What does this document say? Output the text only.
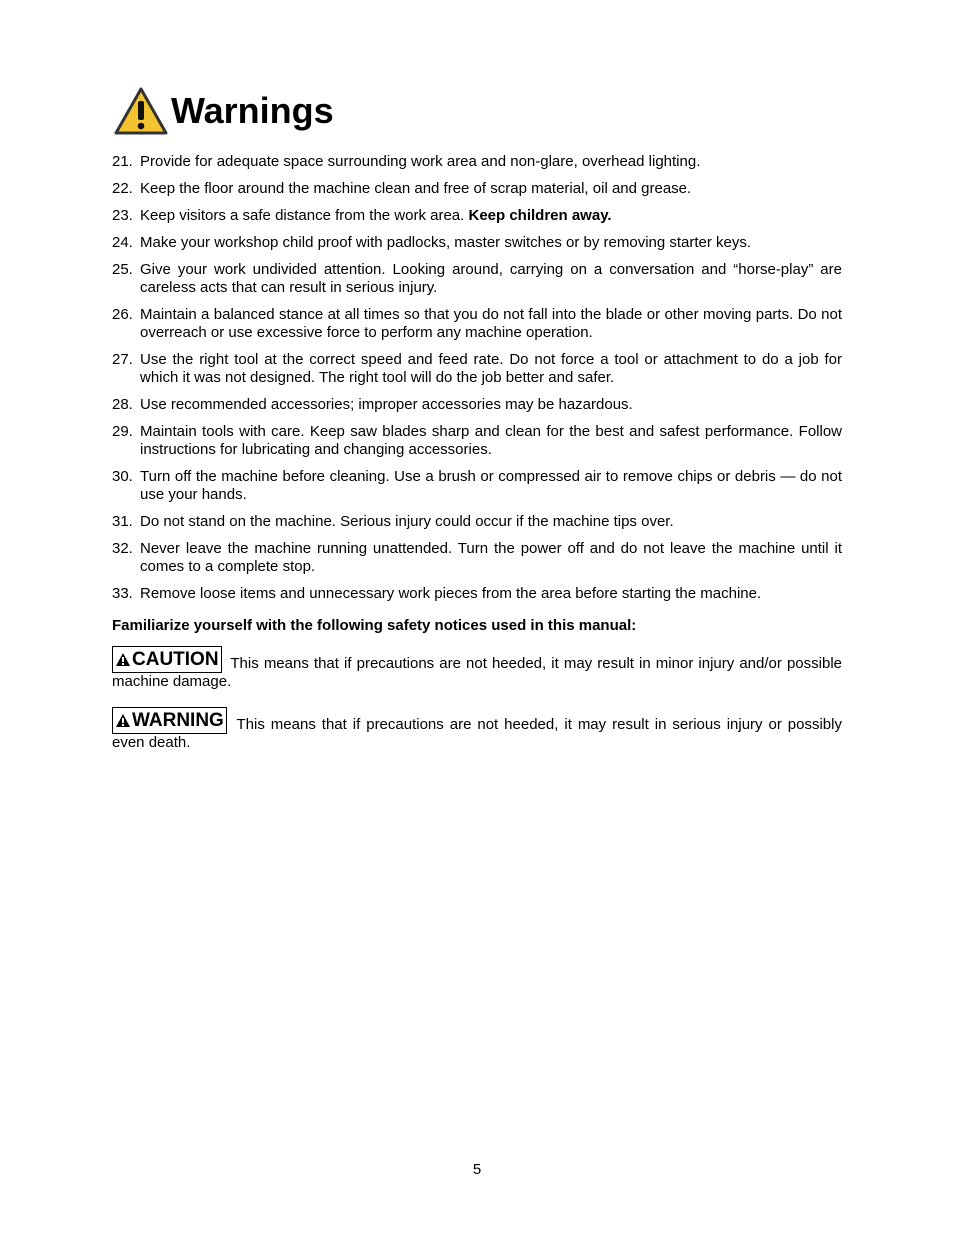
Warnings
21. Provide for adequate space surrounding work area and non-glare, overhead lighting.
22. Keep the floor around the machine clean and free of scrap material, oil and grease.
23. Keep visitors a safe distance from the work area. Keep children away.
24. Make your workshop child proof with padlocks, master switches or by removing starter keys.
25. Give your work undivided attention. Looking around, carrying on a conversation and “horse-play” are careless acts that can result in serious injury.
26. Maintain a balanced stance at all times so that you do not fall into the blade or other moving parts. Do not overreach or use excessive force to perform any machine operation.
27. Use the right tool at the correct speed and feed rate. Do not force a tool or attachment to do a job for which it was not designed. The right tool will do the job better and safer.
28. Use recommended accessories; improper accessories may be hazardous.
29. Maintain tools with care. Keep saw blades sharp and clean for the best and safest performance. Follow instructions for lubricating and changing accessories.
30. Turn off the machine before cleaning. Use a brush or compressed air to remove chips or debris — do not use your hands.
31. Do not stand on the machine. Serious injury could occur if the machine tips over.
32. Never leave the machine running unattended. Turn the power off and do not leave the machine until it comes to a complete stop.
33. Remove loose items and unnecessary work pieces from the area before starting the machine.
Familiarize yourself with the following safety notices used in this manual:
CAUTION This means that if precautions are not heeded, it may result in minor injury and/or possible machine damage.
WARNING This means that if precautions are not heeded, it may result in serious injury or possibly even death.
5
